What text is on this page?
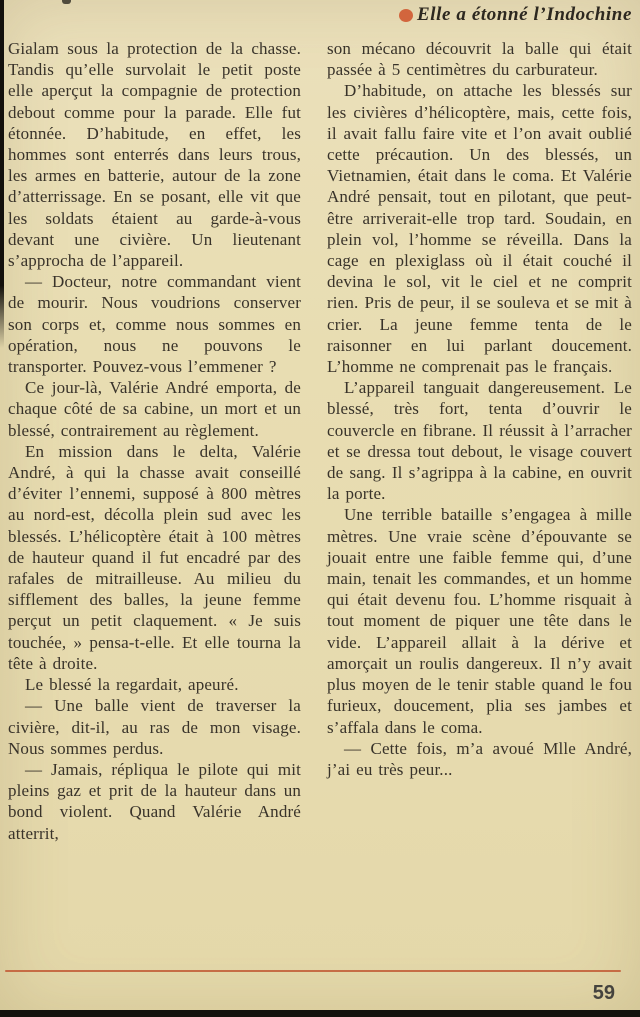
Elle a étonné l’Indochine

Gialam sous la protection de la chasse. Tandis qu’elle survolait le petit poste elle aperçut la compagnie de protection debout comme pour la parade. Elle fut étonnée. D’habitude, en effet, les hommes sont enterrés dans leurs trous, les armes en batterie, autour de la zone d’atterrissage. En se posant, elle vit que les soldats étaient au garde-à-vous devant une civière. Un lieutenant s’approcha de l’appareil.

— Docteur, notre commandant vient de mourir. Nous voudrions conserver son corps et, comme nous sommes en opération, nous ne pouvons le transporter. Pouvez-vous l’emmener ?

Ce jour-là, Valérie André emporta, de chaque côté de sa cabine, un mort et un blessé, contrairement au règlement.

En mission dans le delta, Valérie André, à qui la chasse avait conseillé d’éviter l’ennemi, supposé à 800 mètres au nord-est, décolla plein sud avec les blessés. L’hélicoptère était à 100 mètres de hauteur quand il fut encadré par des rafales de mitrailleuse. Au milieu du sifflement des balles, la jeune femme perçut un petit claquement. « Je suis touchée, » pensa-t-elle. Et elle tourna la tête à droite.

Le blessé la regardait, apeuré.

— Une balle vient de traverser la civière, dit-il, au ras de mon visage. Nous sommes perdus.

— Jamais, répliqua le pilote qui mit pleins gaz et prit de la hauteur dans un bond violent. Quand Valérie André atterrit,

son mécano découvrit la balle qui était passée à 5 centimètres du carburateur.

D’habitude, on attache les blessés sur les civières d’hélicoptère, mais, cette fois, il avait fallu faire vite et l’on avait oublié cette précaution. Un des blessés, un Vietnamien, était dans le coma. Et Valérie André pensait, tout en pilotant, que peut-être arriverait-elle trop tard. Soudain, en plein vol, l’homme se réveilla. Dans la cage en plexiglass où il était couché il devina le sol, vit le ciel et ne comprit rien. Pris de peur, il se souleva et se mit à crier. La jeune femme tenta de le raisonner en lui parlant doucement. L’homme ne comprenait pas le français.

L’appareil tanguait dangereusement. Le blessé, très fort, tenta d’ouvrir le couvercle en fibrane. Il réussit à l’arracher et se dressa tout debout, le visage couvert de sang. Il s’agrippa à la cabine, en ouvrit la porte.

Une terrible bataille s’engagea à mille mètres. Une vraie scène d’épouvante se jouait entre une faible femme qui, d’une main, tenait les commandes, et un homme qui était devenu fou. L’homme risquait à tout moment de piquer une tête dans le vide. L’appareil allait à la dérive et amorçait un roulis dangereux. Il n’y avait plus moyen de le tenir stable quand le fou furieux, doucement, plia ses jambes et s’affala dans le coma.

— Cette fois, m’a avoué Mlle André, j’ai eu très peur...

59
